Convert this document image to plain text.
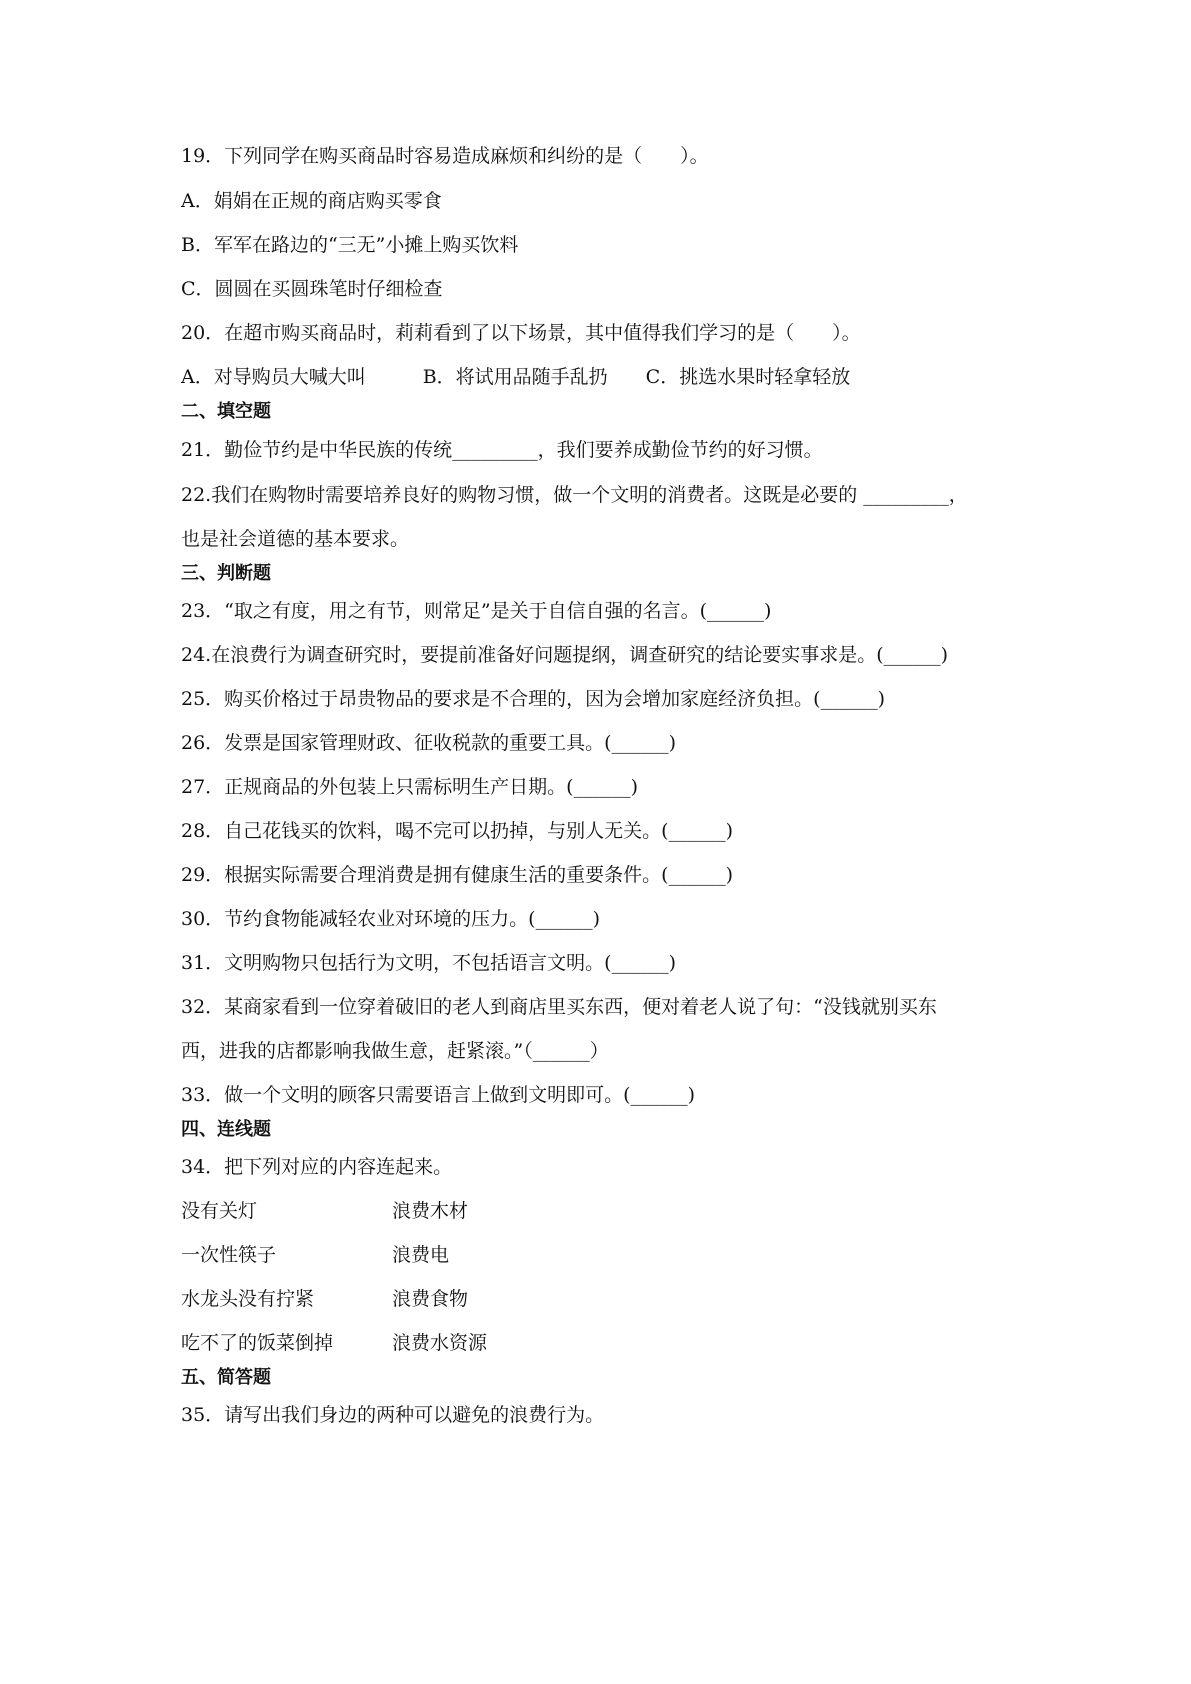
19．下列同学在购买商品时容易造成麻烦和纠纷的是（　　）。

A．娟娟在正规的商店购买零食

B．军军在路边的“三无”小摊上购买饮料

C．圆圆在买圆珠笔时仔细检查

20．在超市购买商品时，莉莉看到了以下场景，其中值得我们学习的是（　　）。

A．对导购员大喊大叫　　　B．将试用品随手乱扔　　C．挑选水果时轻拿轻放

二、填空题

21．勤俭节约是中华民族的传统_________，我们要养成勤俭节约的好习惯。

22.我们在购物时需要培养良好的购物习惯，做一个文明的消费者。这既是必要的 _________，

也是社会道德的基本要求。

三、判断题

23．“取之有度，用之有节，则常足”是关于自信自强的名言。(______)

24.在浪费行为调查研究时，要提前准备好问题提纲，调查研究的结论要实事求是。(______)

25．购买价格过于昂贵物品的要求是不合理的，因为会增加家庭经济负担。(______)

26．发票是国家管理财政、征收税款的重要工具。(______)

27．正规商品的外包装上只需标明生产日期。(______)

28．自己花钱买的饮料，喝不完可以扔掉，与别人无关。(______)

29．根据实际需要合理消费是拥有健康生活的重要条件。(______)

30．节约食物能减轻农业对环境的压力。(______)

31．文明购物只包括行为文明，不包括语言文明。(______)

32．某商家看到一位穿着破旧的老人到商店里买东西，便对着老人说了句：“没钱就别买东

西，进我的店都影响我做生意，赶紧滚。”（______）

33．做一个文明的顾客只需要语言上做到文明即可。(______)

四、连线题

34．把下列对应的内容连起来。

没有关灯	浪费木材
一次性筷子	浪费电
水龙头没有拧紧	浪费食物
吃不了的饭菜倒掉	浪费水资源

五、简答题

35．请写出我们身边的两种可以避免的浪费行为。
